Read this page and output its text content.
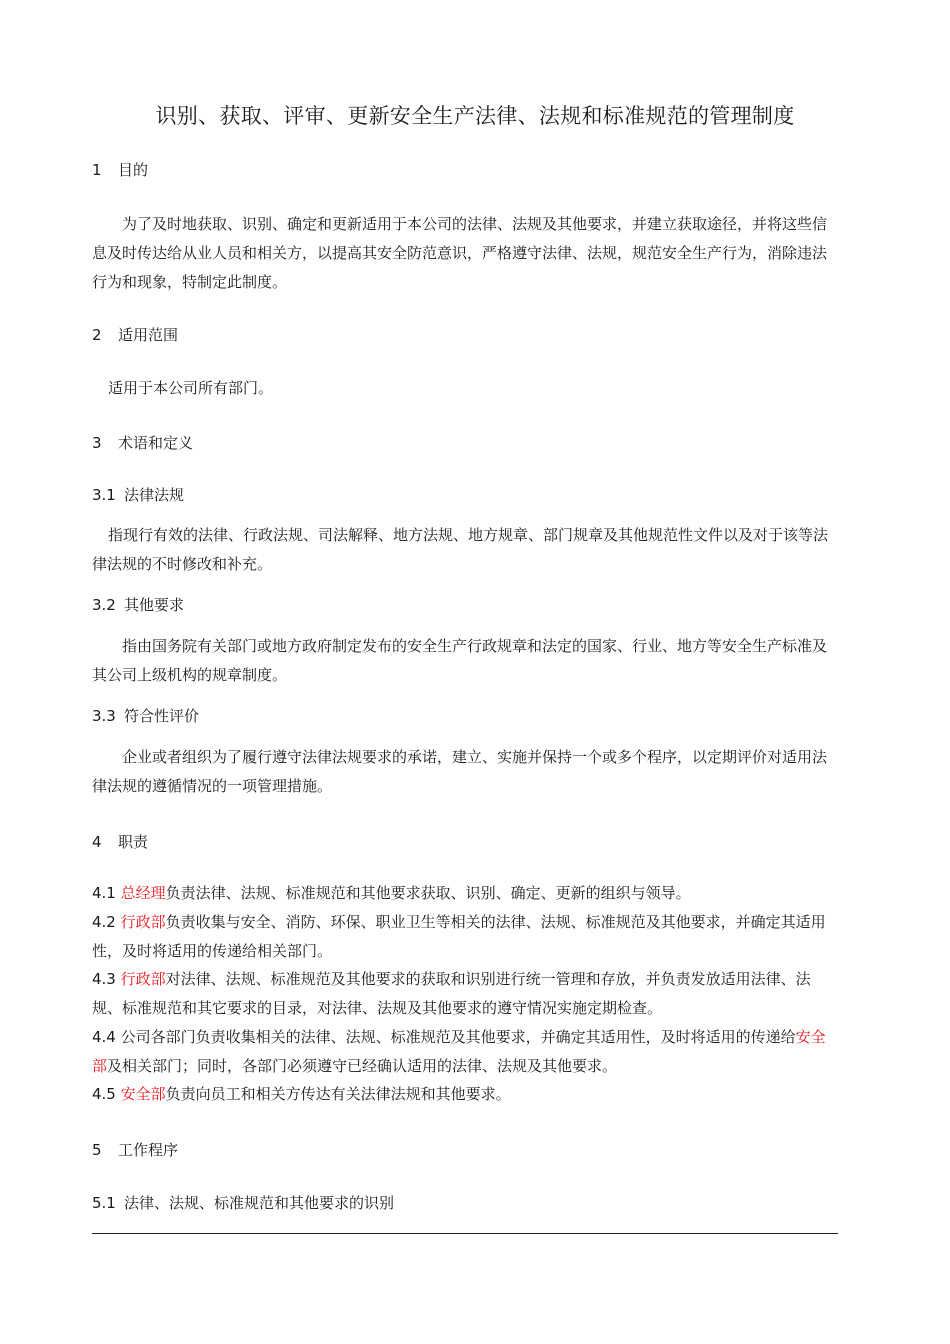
识别、获取、评审、更新安全生产法律、法规和标准规范的管理制度

1 目的

为了及时地获取、识别、确定和更新适用于本公司的法律、法规及其他要求，并建立获取途径，并将这些信息及时传达给从业人员和相关方，以提高其安全防范意识，严格遵守法律、法规，规范安全生产行为，消除违法行为和现象，特制定此制度。

2 适用范围

适用于本公司所有部门。

3 术语和定义

3.1 法律法规

指现行有效的法律、行政法规、司法解释、地方法规、地方规章、部门规章及其他规范性文件以及对于该等法律法规的不时修改和补充。

3.2 其他要求

指由国务院有关部门或地方政府制定发布的安全生产行政规章和法定的国家、行业、地方等安全生产标准及其公司上级机构的规章制度。

3.3 符合性评价

企业或者组织为了履行遵守法律法规要求的承诺，建立、实施并保持一个或多个程序，以定期评价对适用法律法规的遵循情况的一项管理措施。

4 职责

4.1 总经理负责法律、法规、标准规范和其他要求获取、识别、确定、更新的组织与领导。

4.2 行政部负责收集与安全、消防、环保、职业卫生等相关的法律、法规、标准规范及其他要求，并确定其适用性，及时将适用的传递给相关部门。

4.3 行政部对法律、法规、标准规范及其他要求的获取和识别进行统一管理和存放，并负责发放适用法律、法规、标准规范和其它要求的目录，对法律、法规及其他要求的遵守情况实施定期检查。

4.4 公司各部门负责收集相关的法律、法规、标准规范及其他要求，并确定其适用性，及时将适用的传递给安全部及相关部门；同时，各部门必须遵守已经确认适用的法律、法规及其他要求。

4.5 安全部负责向员工和相关方传达有关法律法规和其他要求。

5 工作程序

5.1 法律、法规、标准规范和其他要求的识别
